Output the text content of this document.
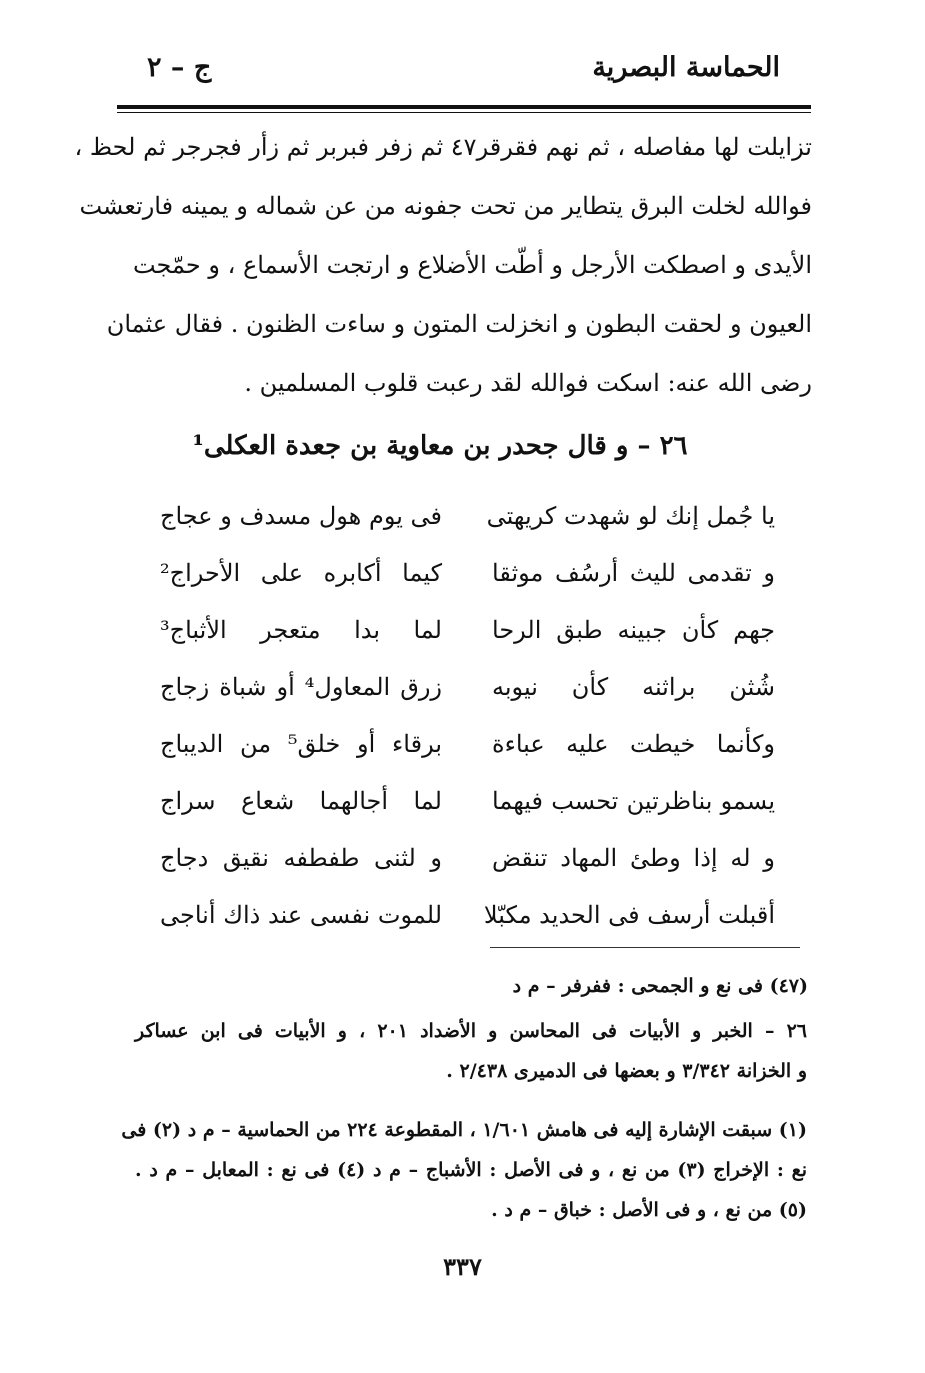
الحماسة البصرية
ج – ٢
تزايلت لها مفاصله ، ثم نهم فقرقر٤٧ ثم زفر فبربر ثم زأر فجرجر ثم لحظ ،
فوالله لخلت البرق يتطاير من تحت جفونه من عن شماله و يمينه فارتعشت
الأيدى و اصطكت الأرجل و أطّت الأضلاع و ارتجت الأسماع ، و حمّجت
العيون و لحقت البطون و انخزلت المتون و ساءت الظنون . فقال عثمان
رضى الله عنه: اسكت فوالله لقد رعبت قلوب المسلمين .
٢٦ – و قال جحدر بن معاوية بن جعدة العكلى¹
يا جُمل إنك لو شهدت كريهتى
فى يوم هول مسدف و عجاج
و تقدمى لليث أرسُف موثقا
كيما أكابره على الأحراج²
جهم كأن جبينه طبق الرحا
لما بدا متعجر الأثباج³
شُثن براثنه كأن نيوبه
زرق المعاول⁴ أو شباة زجاج
وكأنما خيطت عليه عباءة
برقاء أو خلق⁵ من الديباج
يسمو بناظرتين تحسب فيهما
لما أجالهما شعاع سراج
و له إذا وطئ المهاد تنقض
و لثنى طفطفه نقيق دجاج
أقبلت أرسف فى الحديد مكبّلا
للموت نفسى عند ذاك أناجى
(٤٧) فى نع و الجمحى : ففرفر – م د
٢٦ – الخبر و الأبيات فى المحاسن و الأضداد ٢٠١ ، و الأبيات فى ابن عساكر
و الخزانة ٣/٣٤٢ و بعضها فى الدميرى ٢/٤٣٨ .
(١) سبقت الإشارة إليه فى هامش ١/٦٠١ ، المقطوعة ٢٢٤ من الحماسية – م د (٢) فى
نع : الإخراج (٣) من نع ، و فى الأصل : الأشباج – م د (٤) فى نع : المعابل – م د .
(٥) من نع ، و فى الأصل : خباق – م د .
٣٣٧
